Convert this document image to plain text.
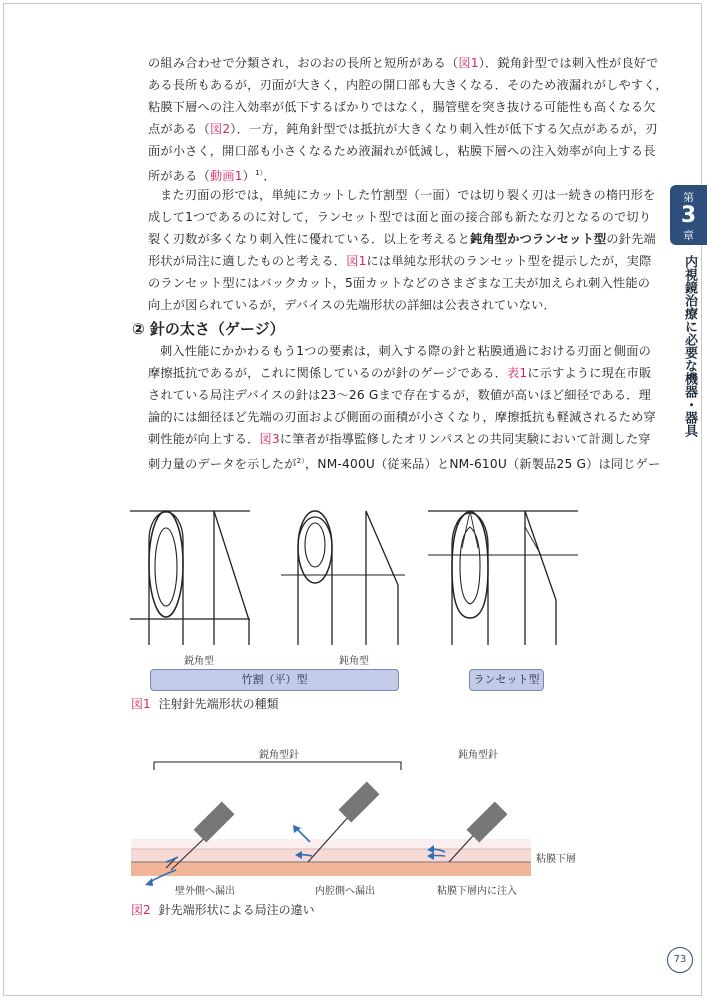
の組み合わせで分類され，おのおの長所と短所がある（図1）．鋭角針型では刺入性が良好で
ある長所もあるが，刃面が大きく，内腔の開口部も大きくなる．そのため液漏れがしやすく，
粘膜下層への注入効率が低下するばかりではなく，腸管壁を突き抜ける可能性も高くなる欠
点がある（図2）．一方，鈍角針型では抵抗が大きくなり刺入性が低下する欠点があるが，刃
面が小さく，開口部も小さくなるため液漏れが低減し，粘膜下層への注入効率が向上する長
所がある（動画1）$^{1)}$．
また刃面の形では，単純にカットした竹割型（一面）では切り裂く刃は一続きの楕円形を
成して1つであるのに対して，ランセット型では面と面の接合部も新たな刃となるので切り
裂く刃数が多くなり刺入性に優れている．以上を考えると鈍角型かつランセット型の針先端
形状が局注に適したものと考える．図1には単純な形状のランセット型を提示したが，実際
のランセット型にはバックカット，5面カットなどのさまざまな工夫が加えられ刺入性能の
向上が図られているが，デバイスの先端形状の詳細は公表されていない．
② 針の太さ（ゲージ）
刺入性能にかかわるもう1つの要素は，刺入する際の針と粘膜通過における刃面と側面の
摩擦抵抗であるが，これに関係しているのが針のゲージである．表1に示すように現在市販
されている局注デバイスの針は23～26 Gまで存在するが，数値が高いほど細径である．理
論的には細径ほど先端の刃面および側面の面積が小さくなり，摩擦抵抗も軽減されるため穿
刺性能が向上する．図3に筆者が指導監修したオリンパスとの共同実験において計測した穿
刺力量のデータを示したが$^{2)}$，NM-400U（従来品）とNM-610U（新製品25 G）は同じゲー
第
3
章
内視鏡治療に必要な機器・器具
鋭角型	鈍角型
竹割（平）型	ランセット型
図1 注射針先端形状の種類
鋭角型針	鈍角型針
粘膜下層
壁外側へ漏出	内腔側へ漏出	粘膜下層内に注入
図2 針先端形状による局注の違い
73
